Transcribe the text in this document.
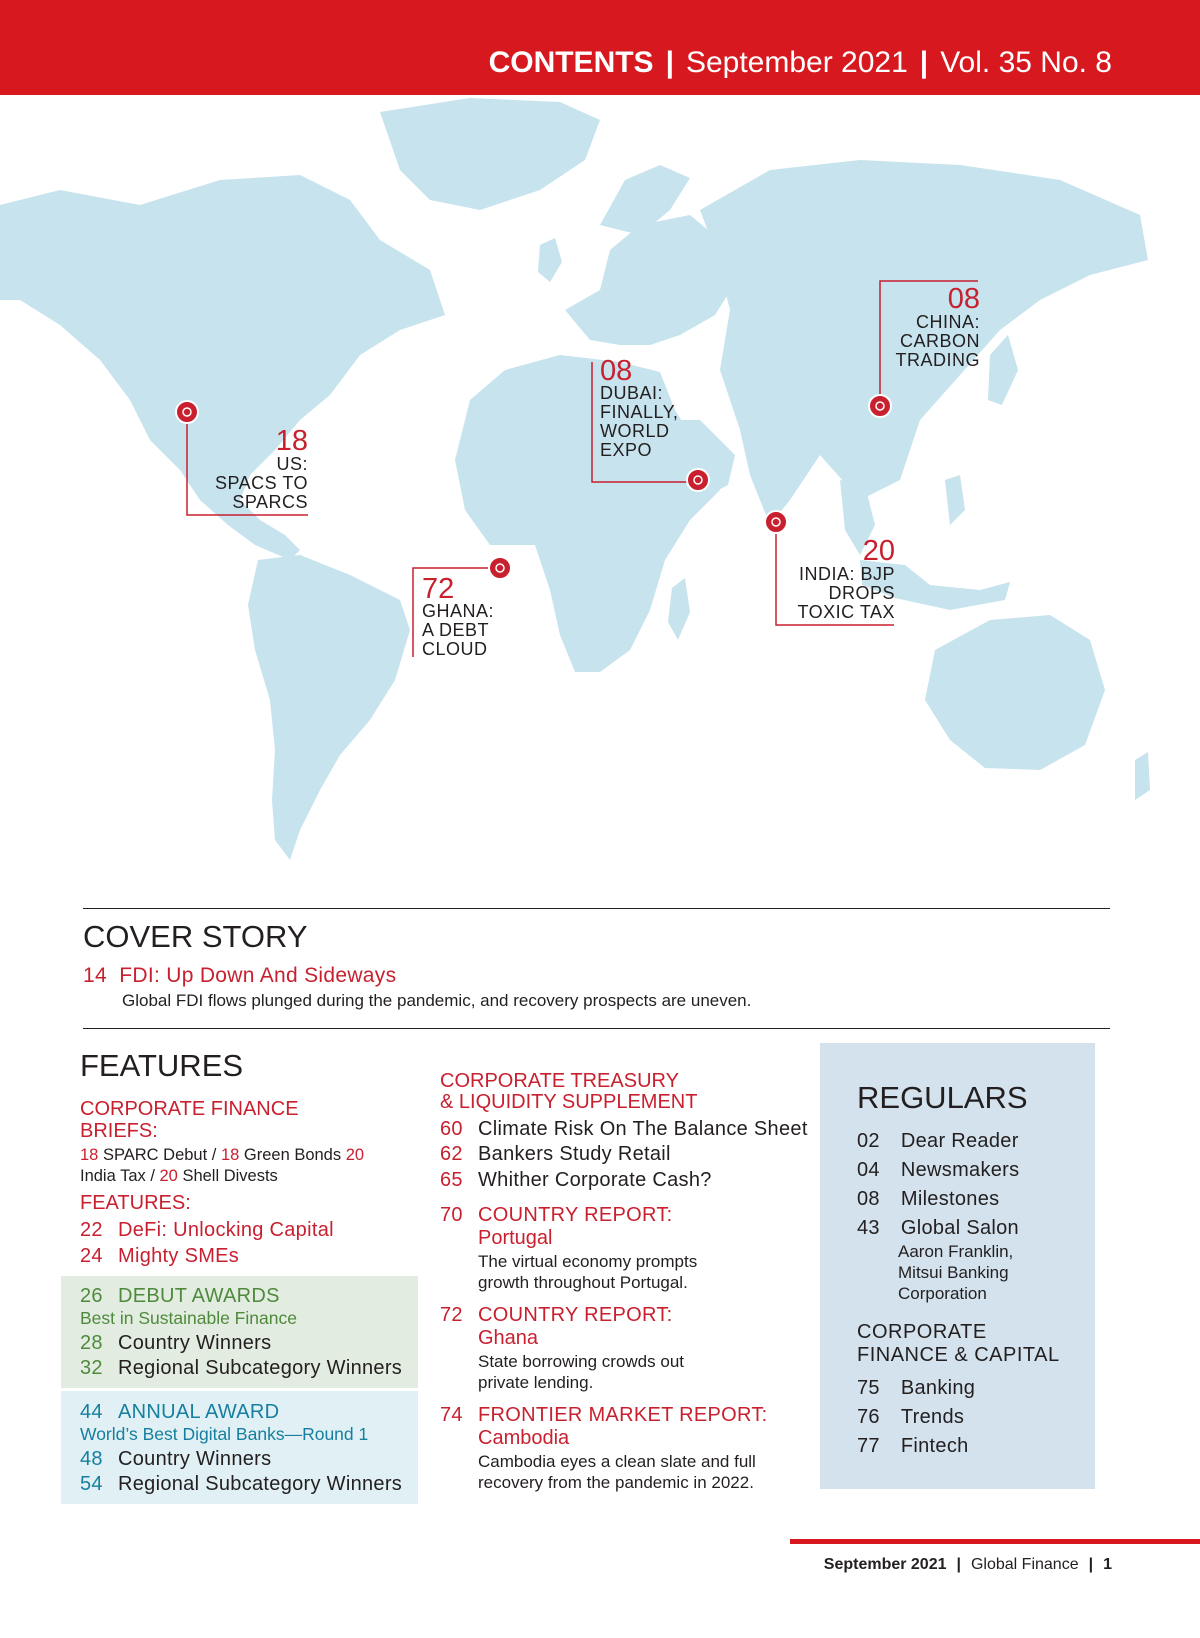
CONTENTS | September 2021 | Vol. 35 No. 8
08
CHINA:
CARBON
TRADING
08
DUBAI:
FINALLY,
WORLD
EXPO
18
US:
SPACS TO
SPARCS
20
INDIA: BJP
DROPS
TOXIC TAX
72
GHANA:
A DEBT
CLOUD
COVER STORY
14 FDI: Up Down And Sideways
Global FDI flows plunged during the pandemic, and recovery prospects are uneven.
FEATURES
CORPORATE FINANCE
BRIEFS:
18 SPARC Debut / 18 Green Bonds 20
India Tax / 20 Shell Divests
FEATURES:
22 DeFi: Unlocking Capital
24 Mighty SMEs
26 DEBUT AWARDS
Best in Sustainable Finance
28 Country Winners
32 Regional Subcategory Winners
44 ANNUAL AWARD
World’s Best Digital Banks—Round 1
48 Country Winners
54 Regional Subcategory Winners
CORPORATE TREASURY
& LIQUIDITY SUPPLEMENT
60 Climate Risk On The Balance Sheet
62 Bankers Study Retail
65 Whither Corporate Cash?
70 COUNTRY REPORT:
Portugal
The virtual economy prompts
growth throughout Portugal.
72 COUNTRY REPORT:
Ghana
State borrowing crowds out
private lending.
74 FRONTIER MARKET REPORT:
Cambodia
Cambodia eyes a clean slate and full
recovery from the pandemic in 2022.
REGULARS
02 Dear Reader
04 Newsmakers
08 Milestones
43 Global Salon
Aaron Franklin,
Mitsui Banking
Corporation
CORPORATE
FINANCE & CAPITAL
75 Banking
76 Trends
77 Fintech
September 2021 | Global Finance | 1
